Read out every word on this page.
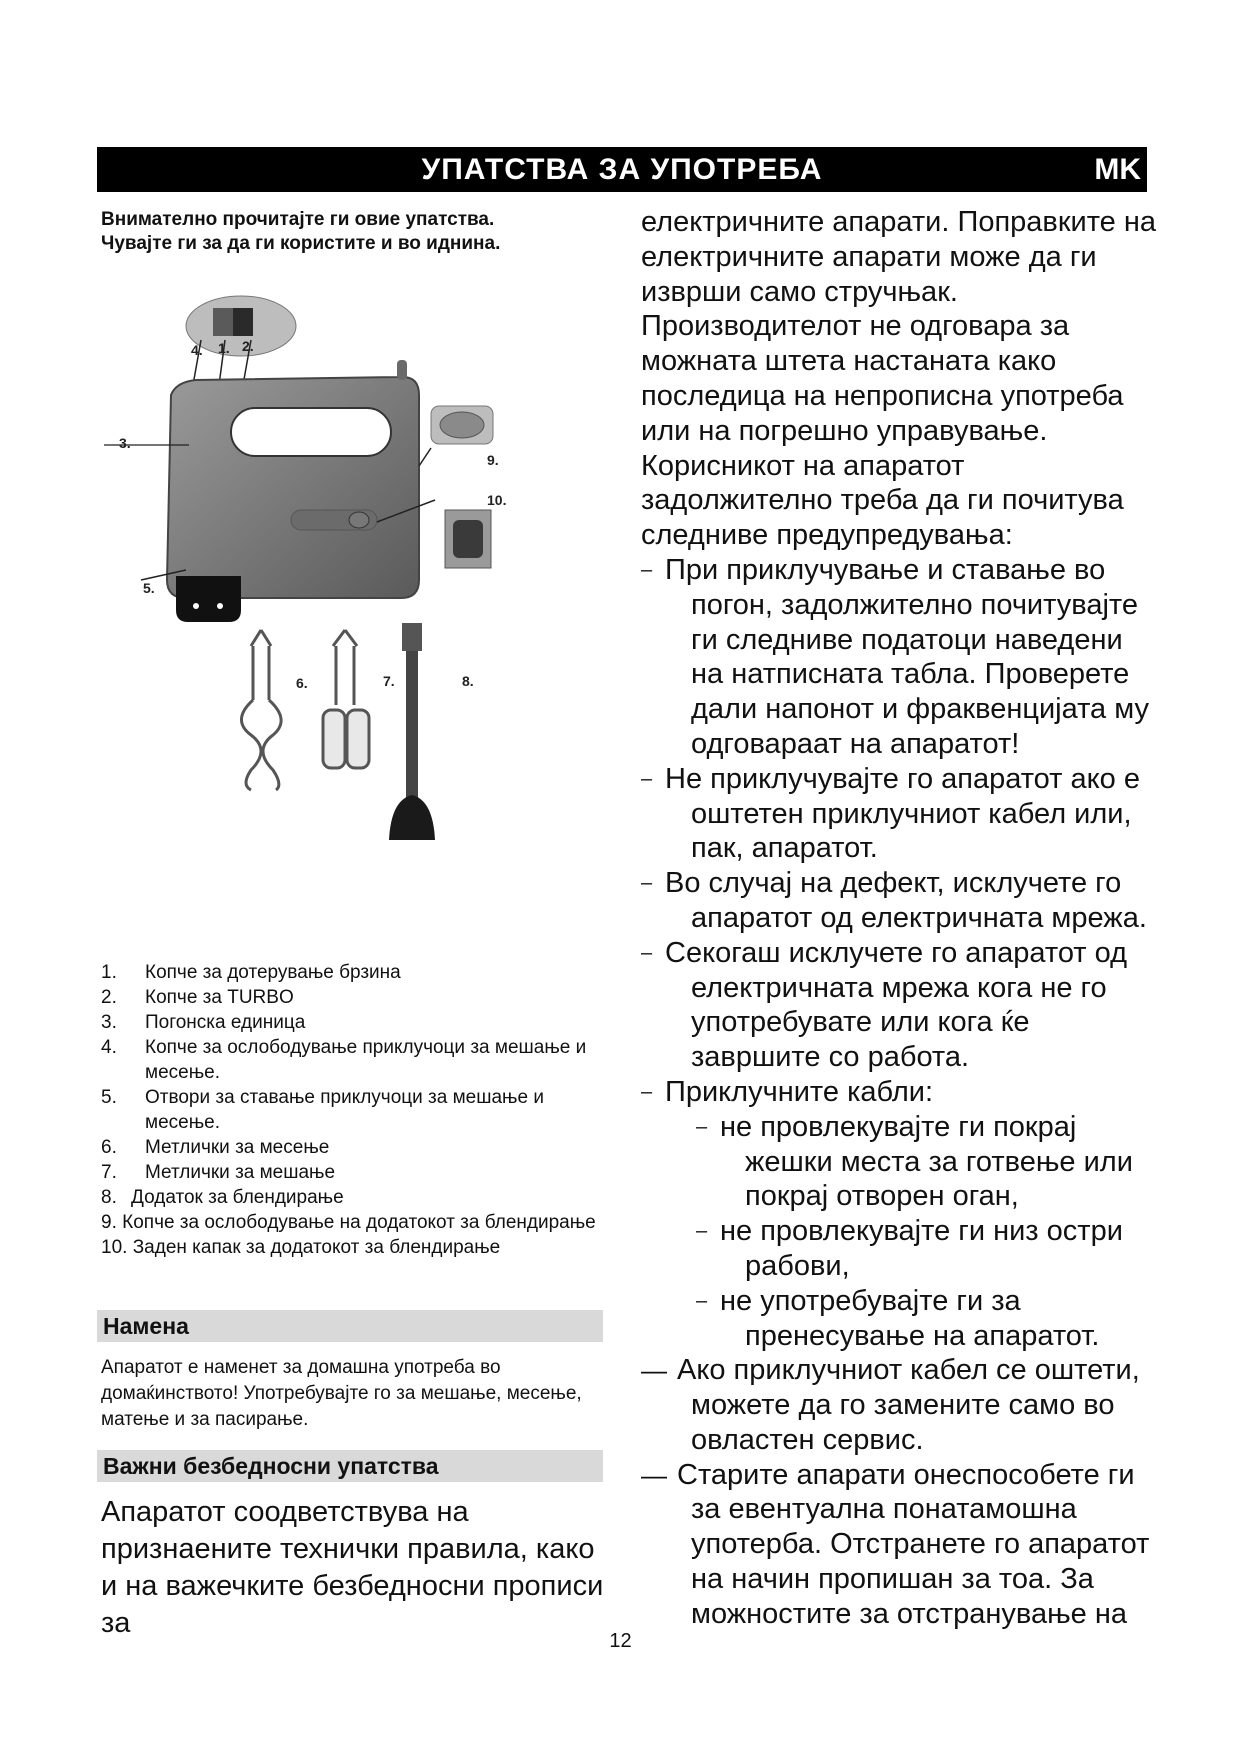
УПАТСТВА ЗА УПОТРЕБА	MK

Внимателно прочитајте ги овие упатства.

Чувајте ги за да ги користите и во иднина.

4. 1. 2.
3.
9.
10.
5.
6.	7.	8.
1. Копче за дотерување брзина
2. Копче за TURBO
3. Погонска единица
4. Копче за ослободување приклучоци за мешање и месење.
5. Отвори за ставање приклучоци за мешање и месење.
6. Метлички за месење
7. Метлички за мешање
8. Додаток за блендирање
9. Копче за ослободување на додатокот за блендирање
10. Заден капак за додатокот за блендирање
Намена
Апаратот е наменет за домашна употреба во домаќинството! Употребувајте го за мешање, месење, матење и за пасирање.
Важни безбедносни упатства
Апаратот соодветствува на признаените технички правила, како и на важечките безбедносни прописи за

електричните апарати. Поправките на електричните апарати може да ги изврши само стручњак.

Производителот не одговара за можната штета настаната како последица на непрописна употреба или на погрешно управување.

Корисникот на апаратот задолжително треба да ги почитува следниве предупредувања:

– При приклучување и ставање во
погон, задолжително почитувајте ги следниве податоци наведени на натписната табла. Проверете дали напонот и фраквенцијата му одговараат на апаратот!
– Не приклучувајте го апаратот ако е
оштетен приклучниот кабел или, пак, апаратот.
– Во случај на дефект, исклучете го
апаратот од електричната мрежа.
– Секогаш исклучете го апаратот од
електричната мрежа кога не го употребувате или кога ќе завршите со работа.
– Приклучните кабли:
– не провлекувајте ги покрај
жешки места за готвење или покрај отворен оган,
– не провлекувајте ги низ остри
рабови,
– не употребувајте ги за
пренесување на апаратот.
— Ако приклучниот кабел се оштети,
можете да го замените само во овластен сервис.
— Старите апарати онеспособете ги
за евентуална понатамошна употерба. Отстранете го апаратот на начин пропишан за тоа. За можностите за отстранување на
12
